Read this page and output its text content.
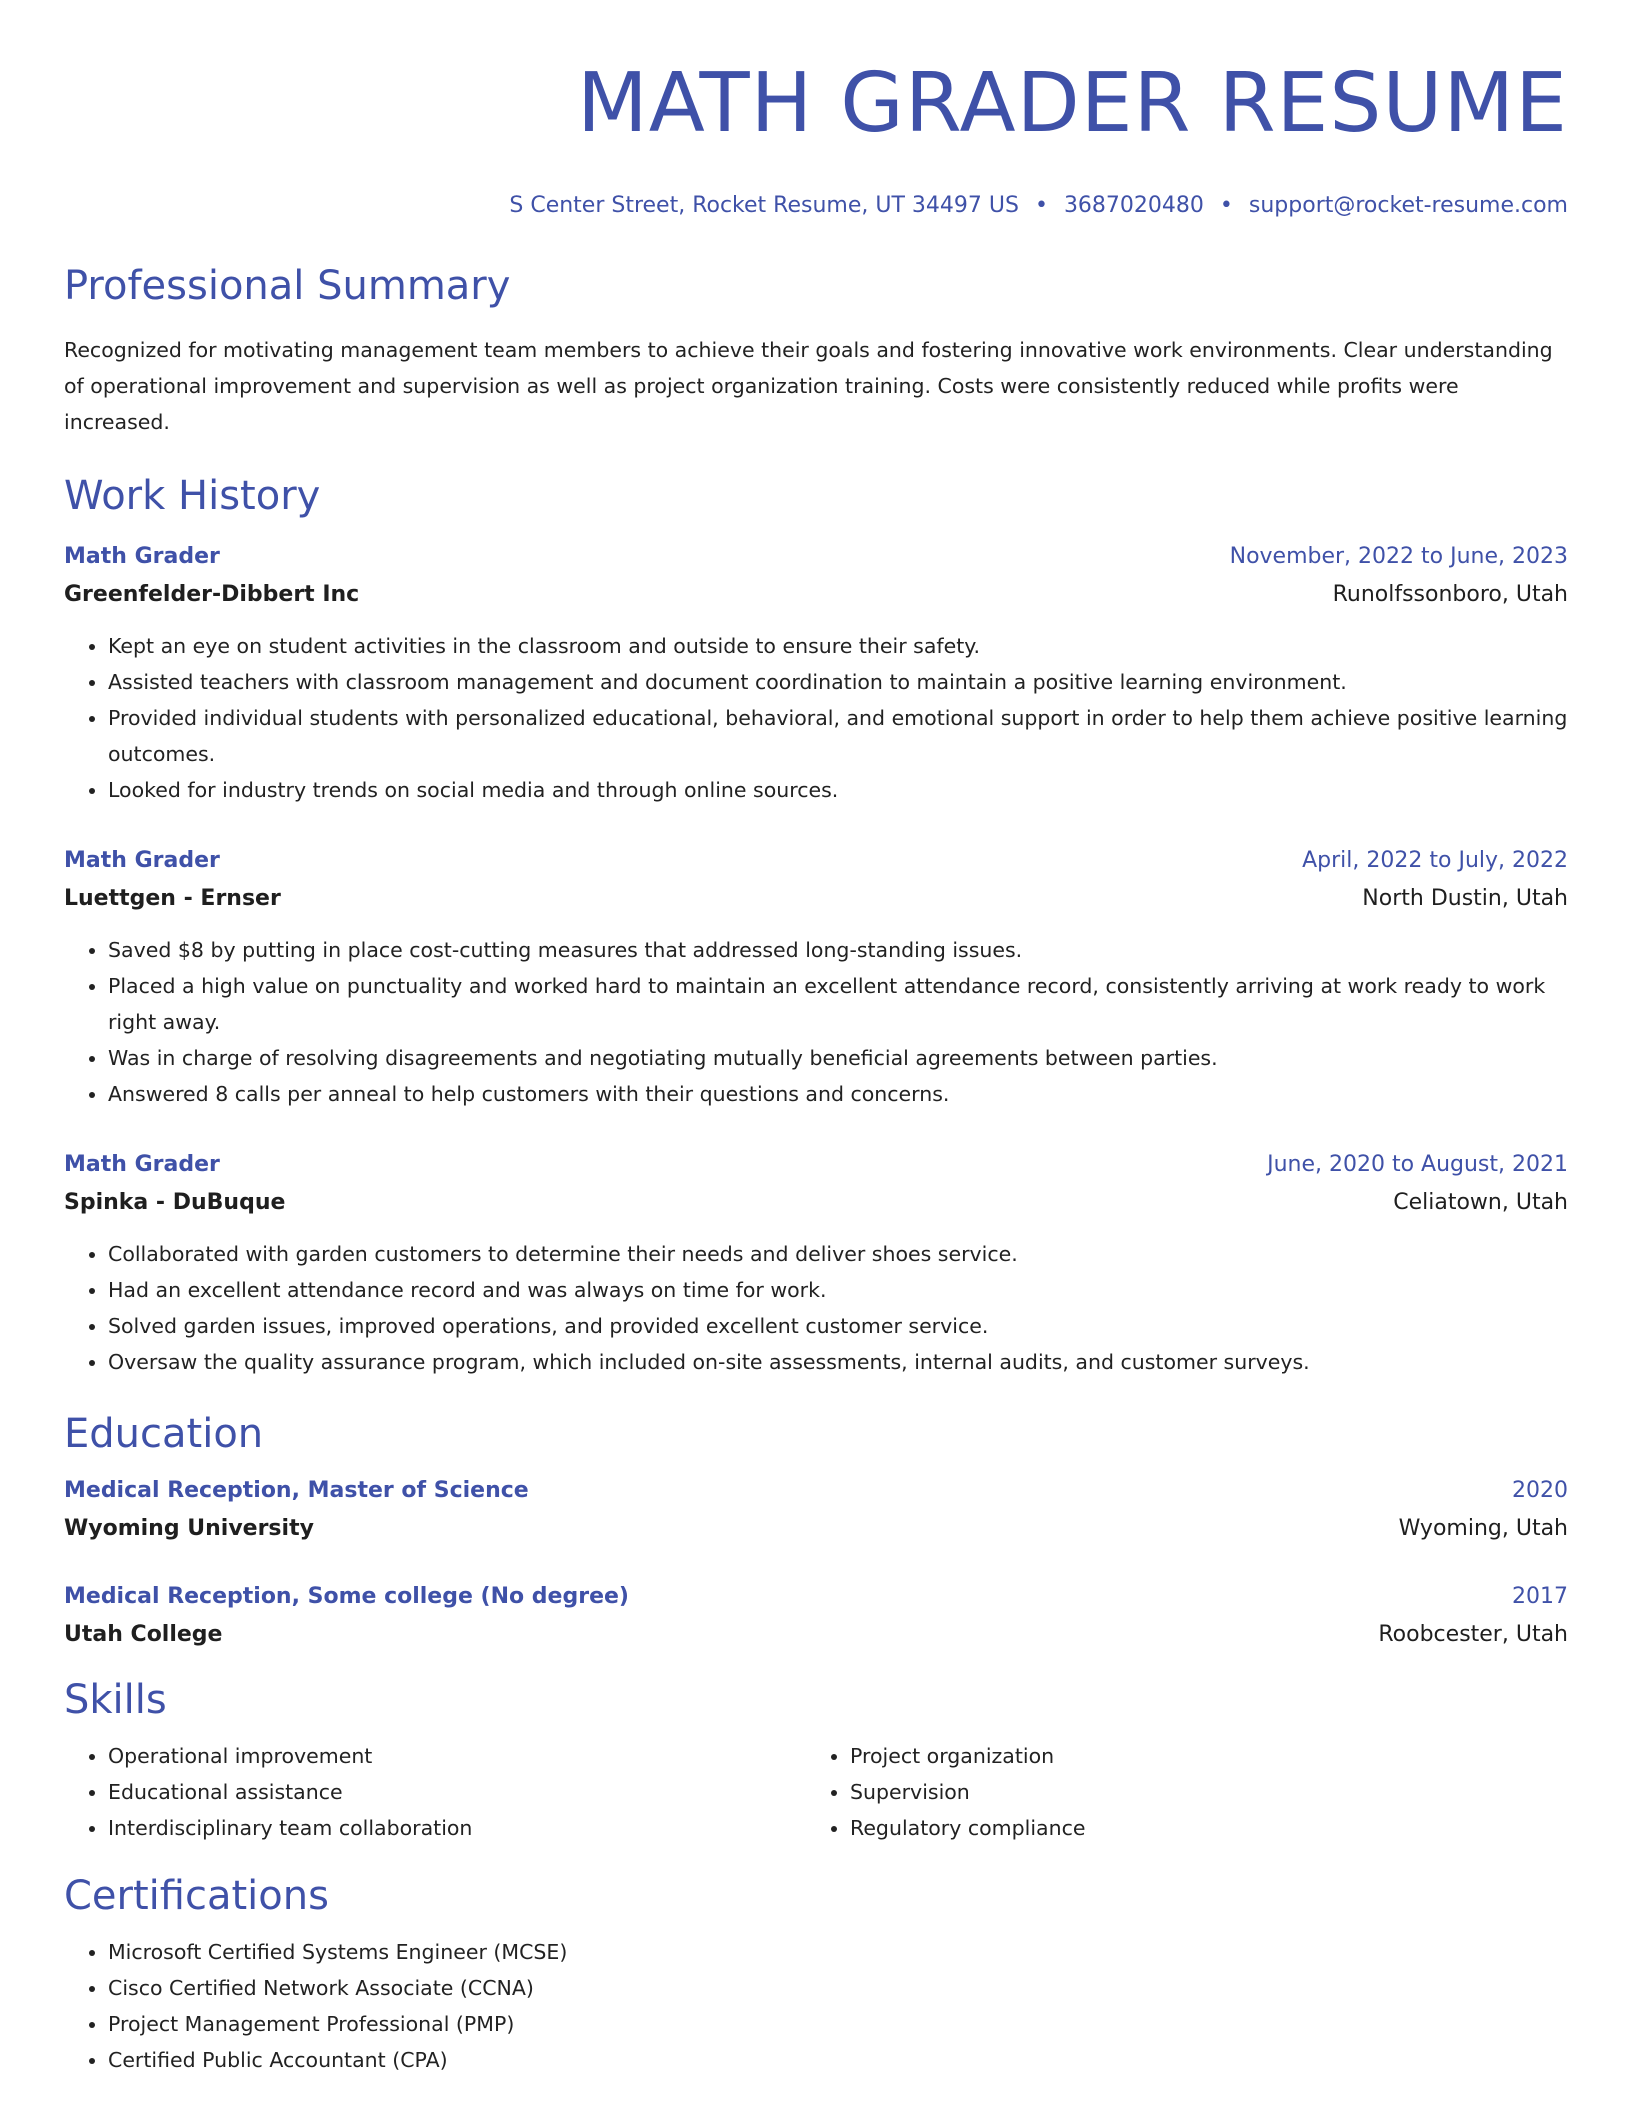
MATH GRADER RESUME
S Center Street, Rocket Resume, UT 34497 US • 3687020480 • support@rocket-resume.com
Professional Summary
Recognized for motivating management team members to achieve their goals and fostering innovative work environments. Clear understanding of operational improvement and supervision as well as project organization training. Costs were consistently reduced while profits were increased.
Work History
Math Grader	November, 2022 to June, 2023
Greenfelder-Dibbert Inc	Runolfssonboro, Utah
• Kept an eye on student activities in the classroom and outside to ensure their safety.
• Assisted teachers with classroom management and document coordination to maintain a positive learning environment.
• Provided individual students with personalized educational, behavioral, and emotional support in order to help them achieve positive learning outcomes.
• Looked for industry trends on social media and through online sources.
Math Grader	April, 2022 to July, 2022
Luettgen - Ernser	North Dustin, Utah
• Saved $8 by putting in place cost-cutting measures that addressed long-standing issues.
• Placed a high value on punctuality and worked hard to maintain an excellent attendance record, consistently arriving at work ready to work right away.
• Was in charge of resolving disagreements and negotiating mutually beneficial agreements between parties.
• Answered 8 calls per anneal to help customers with their questions and concerns.
Math Grader	June, 2020 to August, 2021
Spinka - DuBuque	Celiatown, Utah
• Collaborated with garden customers to determine their needs and deliver shoes service.
• Had an excellent attendance record and was always on time for work.
• Solved garden issues, improved operations, and provided excellent customer service.
• Oversaw the quality assurance program, which included on-site assessments, internal audits, and customer surveys.
Education
Medical Reception, Master of Science	2020
Wyoming University	Wyoming, Utah
Medical Reception, Some college (No degree)	2017
Utah College	Roobcester, Utah
Skills
• Operational improvement
• Educational assistance
• Interdisciplinary team collaboration
• Project organization
• Supervision
• Regulatory compliance
Certifications
• Microsoft Certified Systems Engineer (MCSE)
• Cisco Certified Network Associate (CCNA)
• Project Management Professional (PMP)
• Certified Public Accountant (CPA)
